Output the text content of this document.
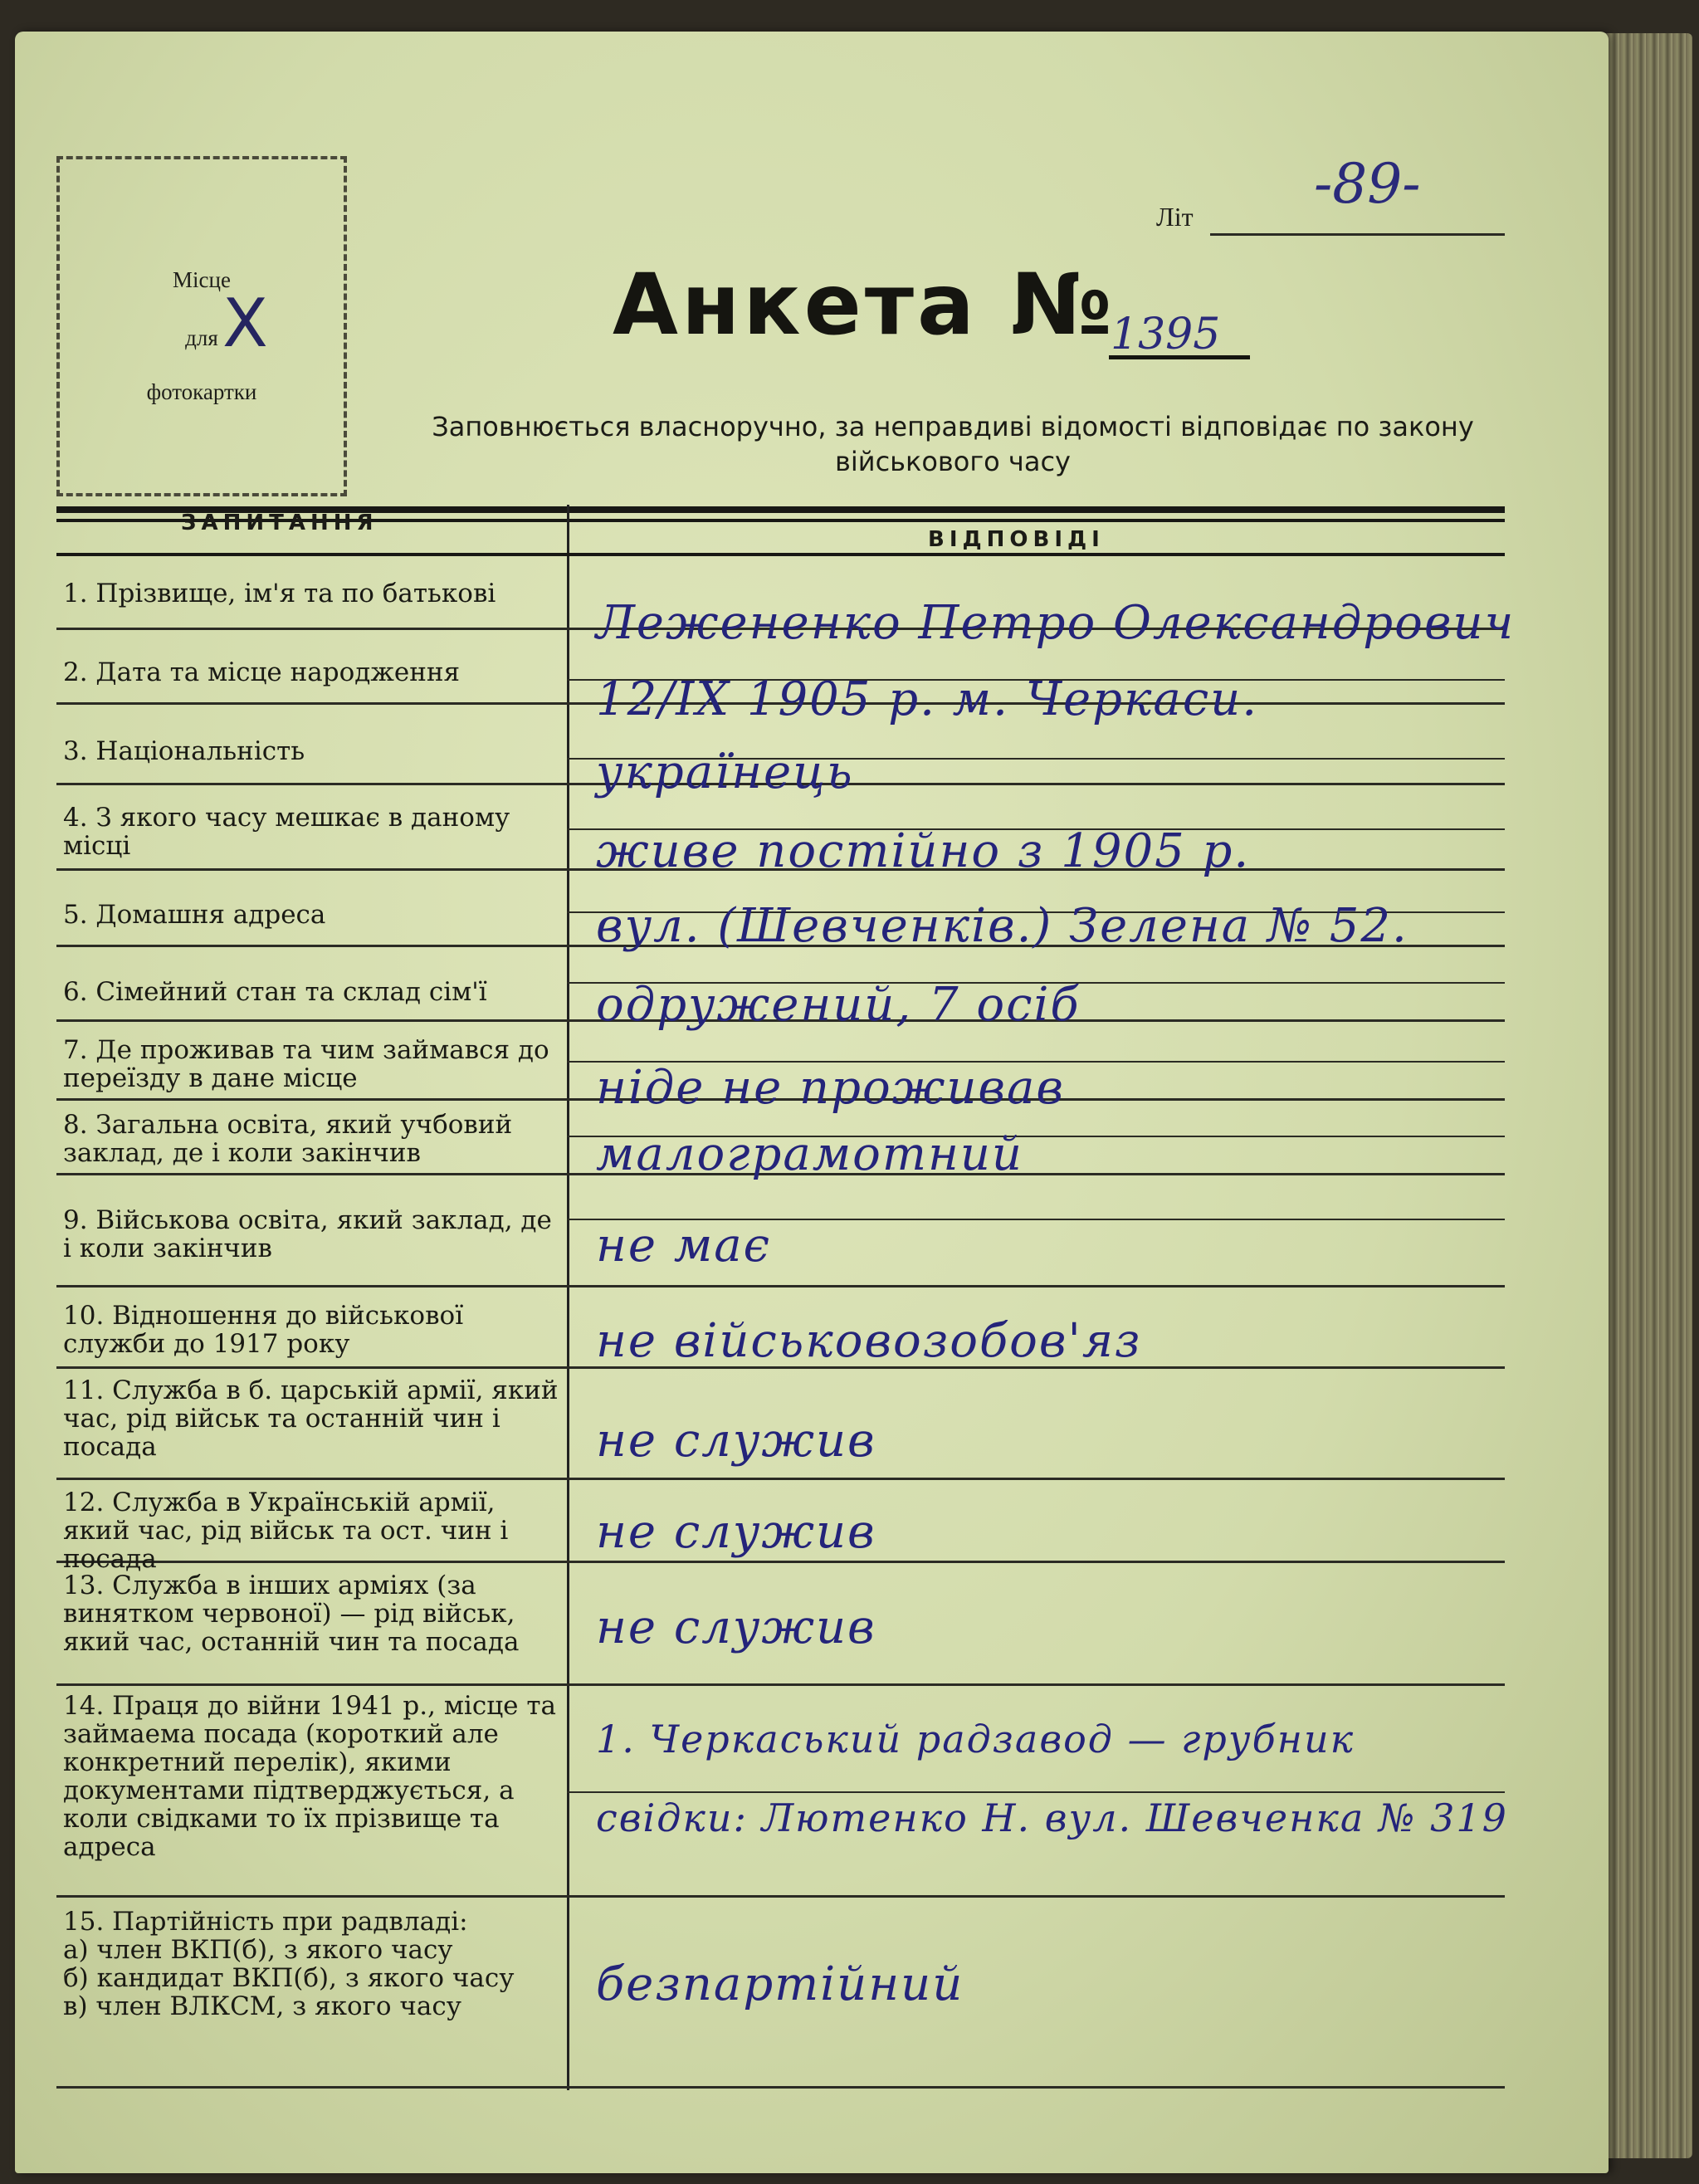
Місце
для
фотокартки
X
Літ
-89-
Анкета №
1395
Заповнюється власноручно, за неправдиві відомості відповідає по закону військового часу
ЗАПИТАННЯ
ВІДПОВІДІ
1. Прізвище, ім'я та по батькові
2. Дата та місце народження
3. Національність
4. З якого часу мешкає в даному місці
5. Домашня адреса
6. Сімейний стан та склад сім'ї
7. Де проживав та чим займався до переїзду в дане місце
8. Загальна освіта, який учбовий заклад, де і коли закінчив
9. Військова освіта, який заклад, де і коли закінчив
10. Відношення до військової служби до 1917 року
11. Служба в б. царській армії, який час, рід військ та останній чин і посада
12. Служба в Українській армії, який час, рід військ та ост. чин і посада
13. Служба в інших арміях (за винятком червоної) — рід військ, який час, останній чин та посада
14. Праця до війни 1941 р., місце та займаема посада (короткий але конкретний перелік), якими документами підтверджується, а коли свідками то їх прізвище та адреса
15. Партійність при радвладі:
а) член ВКП(б), з якого часу
б) кандидат ВКП(б), з якого часу
в) член ВЛКСМ, з якого часу
Лежененко Петро Олександрович
12/IX 1905 р. м. Черкаси.
українець
живе постійно з 1905 р.
вул. (Шевченків.) Зелена № 52.
одружений, 7 осіб
ніде не проживав
малограмотний
не має
не військовозобов'яз
не служив
не служив
не служив
1. Черкаський радзавод — грубник
свідки: Лютенко Н. вул. Шевченка № 319
безпартійний
